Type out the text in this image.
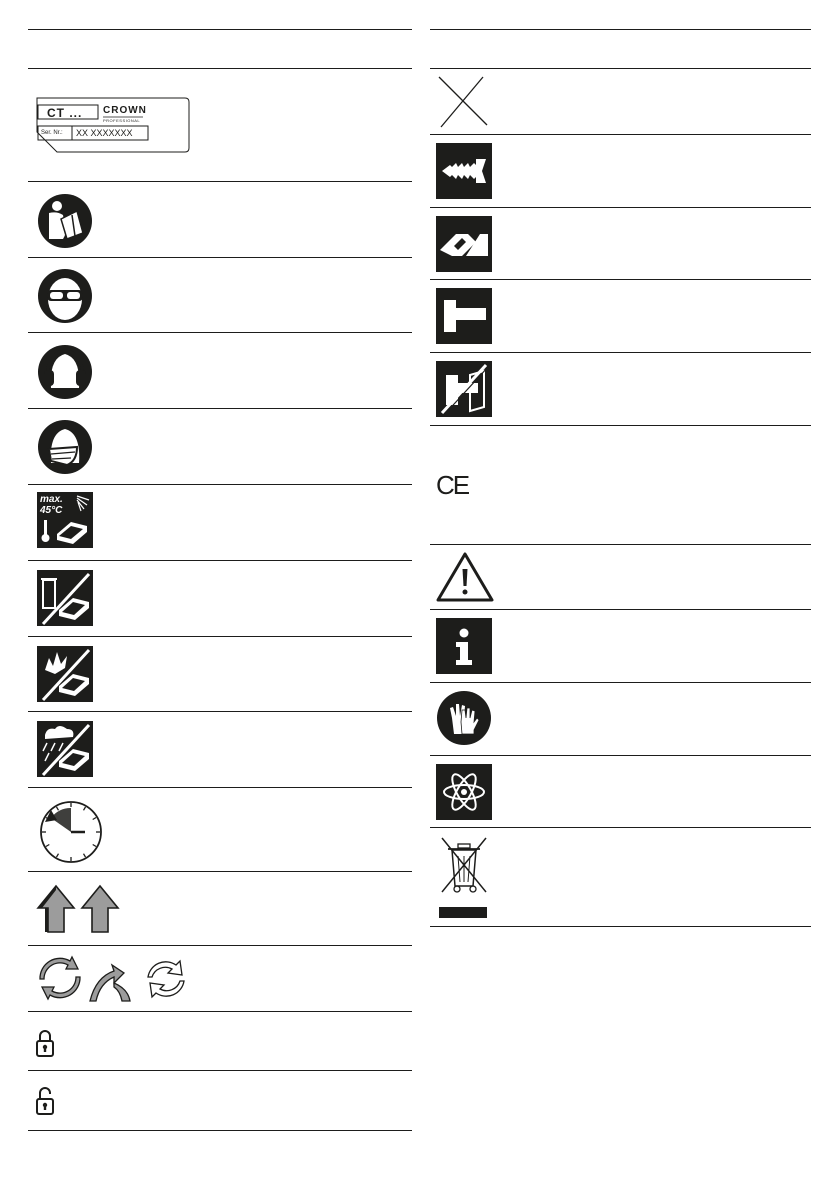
CT ... CROWN
PROFESSIONAL
Ser. Nr.: XX XXXXXXX
max.
45°C
CE
